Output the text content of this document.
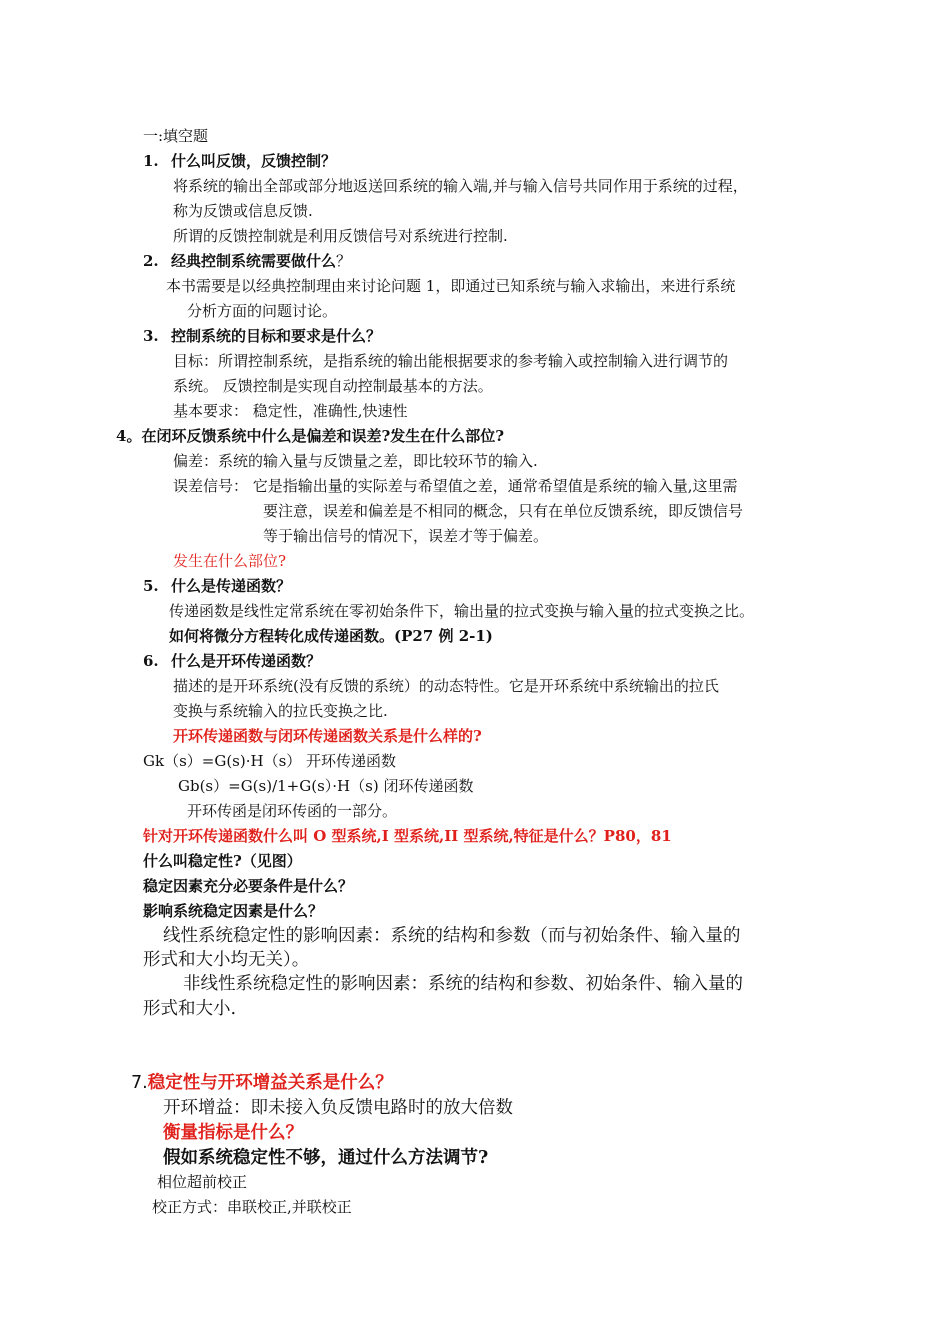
一:填空题
1. 什么叫反馈，反馈控制？
将系统的输出全部或部分地返送回系统的输入端,并与输入信号共同作用于系统的过程，
称为反馈或信息反馈.
所谓的反馈控制就是利用反馈信号对系统进行控制.
2. 经典控制系统需要做什么？
本书需要是以经典控制理由来讨论问题 1，即通过已知系统与输入求输出，来进行系统
分析方面的问题讨论。
3. 控制系统的目标和要求是什么？
目标：所谓控制系统，是指系统的输出能根据要求的参考输入或控制输入进行调节的
系统。 反馈控制是实现自动控制最基本的方法。
基本要求： 稳定性，准确性,快速性
4。在闭环反馈系统中什么是偏差和误差?发生在什么部位?
偏差：系统的输入量与反馈量之差，即比较环节的输入.
误差信号： 它是指输出量的实际差与希望值之差，通常希望值是系统的输入量,这里需
要注意，误差和偏差是不相同的概念，只有在单位反馈系统，即反馈信号
等于输出信号的情况下，误差才等于偏差。
发生在什么部位?
5. 什么是传递函数？
传递函数是线性定常系统在零初始条件下，输出量的拉式变换与输入量的拉式变换之比。
如何将微分方程转化成传递函数。(P27 例 2-1)
6. 什么是开环传递函数？
描述的是开环系统(没有反馈的系统）的动态特性。它是开环系统中系统输出的拉氏
变换与系统输入的拉氏变换之比.
开环传递函数与闭环传递函数关系是什么样的?
Gk（s）=G(s)·H（s） 开环传递函数
Gb(s）=G(s)/1+G(s）·H（s) 闭环传递函数
开环传函是闭环传函的一部分。
针对开环传递函数什么叫 O 型系统,I 型系统,II 型系统,特征是什么？P80，81
什么叫稳定性?（见图）
稳定因素充分必要条件是什么？
影响系统稳定因素是什么？
线性系统稳定性的影响因素：系统的结构和参数（而与初始条件、输入量的
形式和大小均无关）。
非线性系统稳定性的影响因素：系统的结构和参数、初始条件、输入量的
形式和大小.
7.稳定性与开环增益关系是什么？
开环增益：即未接入负反馈电路时的放大倍数
衡量指标是什么？
假如系统稳定性不够，通过什么方法调节?
相位超前校正
校正方式：串联校正,并联校正
